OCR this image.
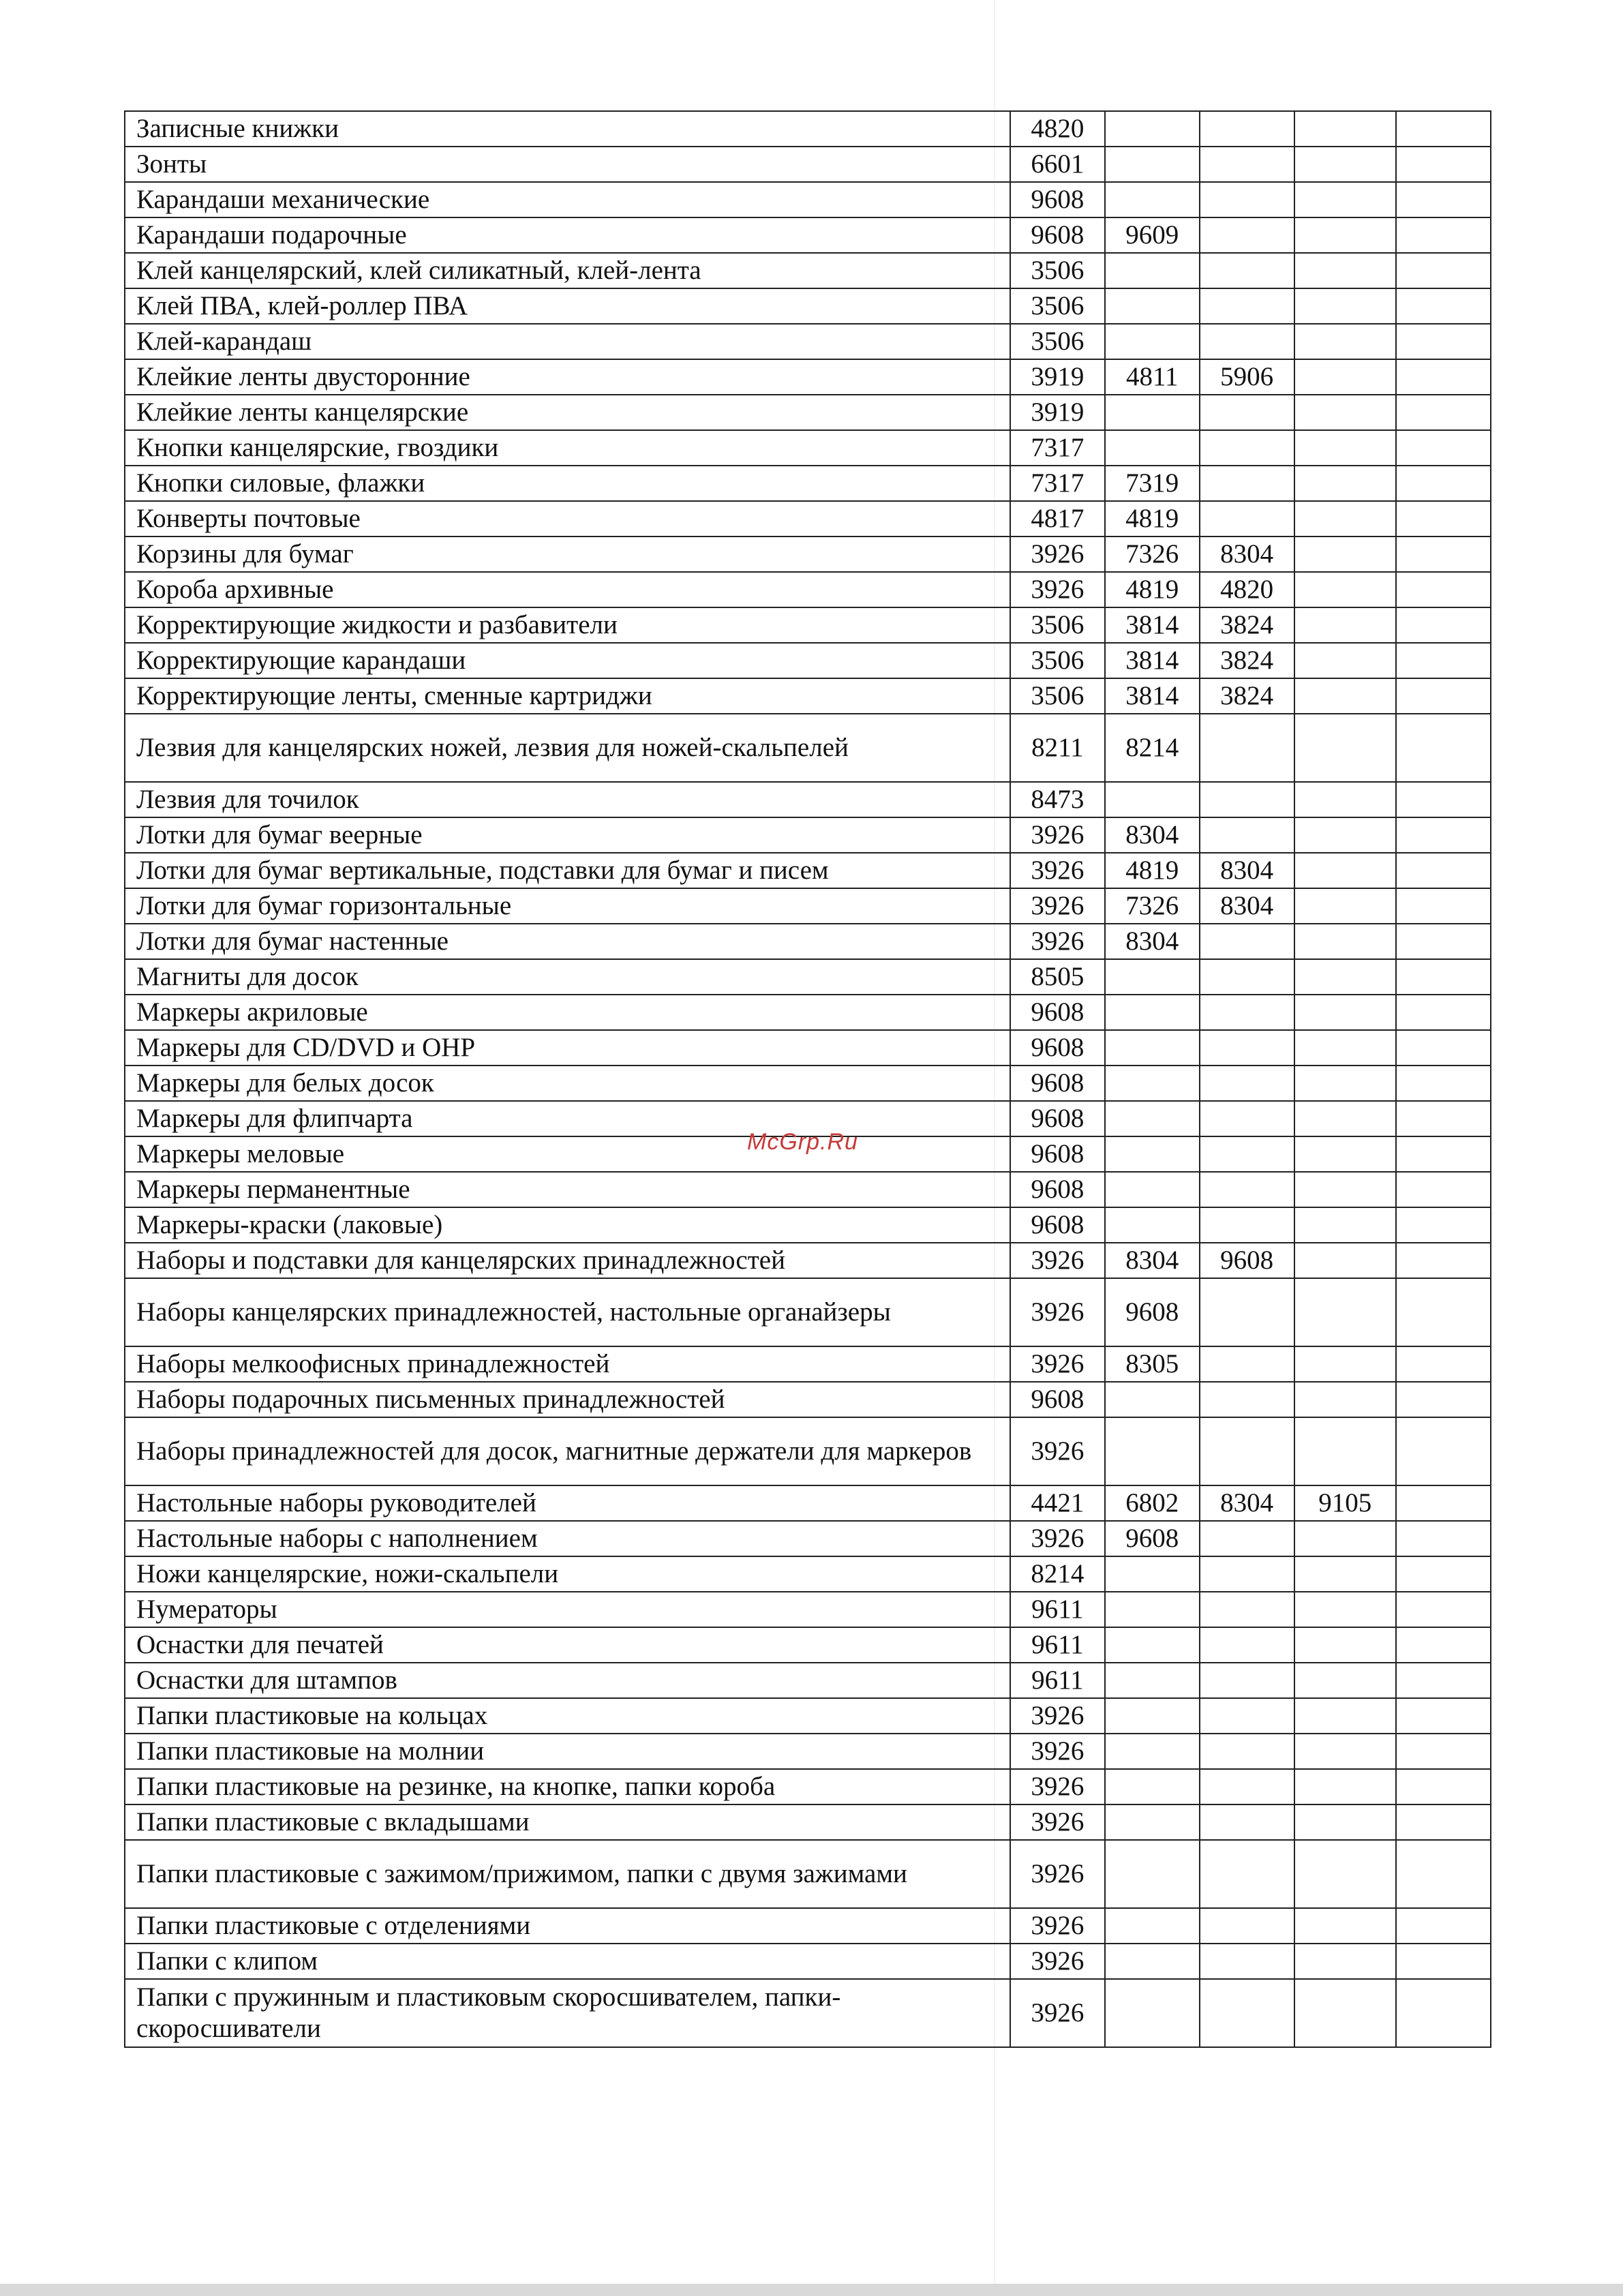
Записные книжки	4820				
Зонты	6601				
Карандаши механические	9608				
Карандаши подарочные	9608	9609			
Клей канцелярский, клей силикатный, клей-лента	3506				
Клей ПВА, клей-роллер ПВА	3506				
Клей-карандаш	3506				
Клейкие ленты двусторонние	3919	4811	5906		
Клейкие ленты канцелярские	3919				
Кнопки канцелярские, гвоздики	7317				
Кнопки силовые, флажки	7317	7319			
Конверты почтовые	4817	4819			
Корзины для бумаг	3926	7326	8304		
Короба архивные	3926	4819	4820		
Корректирующие жидкости и разбавители	3506	3814	3824		
Корректирующие карандаши	3506	3814	3824		
Корректирующие ленты, сменные картриджи	3506	3814	3824		
Лезвия для канцелярских ножей, лезвия для ножей-скальпелей	8211	8214			
Лезвия для точилок	8473				
Лотки для бумаг веерные	3926	8304			
Лотки для бумаг вертикальные, подставки для бумаг и писем	3926	4819	8304		
Лотки для бумаг горизонтальные	3926	7326	8304		
Лотки для бумаг настенные	3926	8304			
Магниты для досок	8505				
Маркеры акриловые	9608				
Маркеры для CD/DVD и OHP	9608				
Маркеры для белых досок	9608				
Маркеры для флипчарта	9608				
Маркеры меловые	9608				
Маркеры перманентные	9608				
Маркеры-краски (лаковые)	9608				
Наборы и подставки для канцелярских принадлежностей	3926	8304	9608		
Наборы канцелярских принадлежностей, настольные органайзеры	3926	9608			
Наборы мелкоофисных принадлежностей	3926	8305			
Наборы подарочных письменных принадлежностей	9608				
Наборы принадлежностей для досок, магнитные держатели для маркеров	3926				
Настольные наборы руководителей	4421	6802	8304	9105	
Настольные наборы с наполнением	3926	9608			
Ножи канцелярские, ножи-скальпели	8214				
Нумераторы	9611				
Оснастки для печатей	9611				
Оснастки для штампов	9611				
Папки пластиковые на кольцах	3926				
Папки пластиковые на молнии	3926				
Папки пластиковые на резинке, на кнопке, папки короба	3926				
Папки пластиковые с вкладышами	3926				
Папки пластиковые с зажимом/прижимом, папки с двумя зажимами	3926				
Папки пластиковые с отделениями	3926				
Папки с клипом	3926				
Папки с пружинным и пластиковым скоросшивателем, папки-скоросшиватели	3926				
McGrp.Ru
